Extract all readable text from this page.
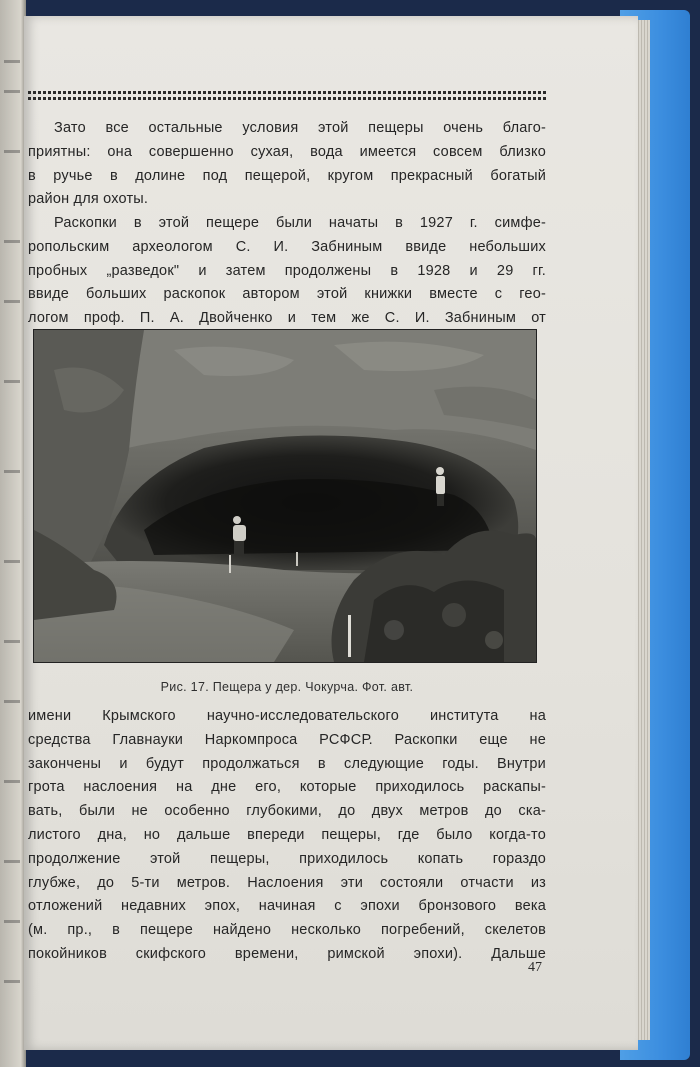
Зато все остальные условия этой пещеры очень благо-
приятны: она совершенно сухая, вода имеется совсем близко
в ручье в долине под пещерой, кругом прекрасный богатый
район для охоты.
Раскопки в этой пещере были начаты в 1927 г. симфе-
ропольским археологом С. И. Забниным ввиде небольших
пробных „разведок" и затем продолжены в 1928 и 29 гг.
ввиде больших раскопок автором этой книжки вместе с гео-
логом проф. П. А. Двойченко и тем же С. И. Забниным от
Рис. 17. Пещера у дер. Чокурча. Фот. авт.
имени Крымского научно-исследовательского института на
средства Главнауки Наркомпроса РСФСР. Раскопки еще не
закончены и будут продолжаться в следующие годы. Внутри
грота наслоения на дне его, которые приходилось раскапы-
вать, были не особенно глубокими, до двух метров до ска-
листого дна, но дальше впереди пещеры, где было когда-то
продолжение этой пещеры, приходилось копать гораздо
глубже, до 5-ти метров. Наслоения эти состояли отчасти из
отложений недавних эпох, начиная с эпохи бронзового века
(м. пр., в пещере найдено несколько погребений, скелетов
покойников скифского времени, римской эпохи). Дальше
47
